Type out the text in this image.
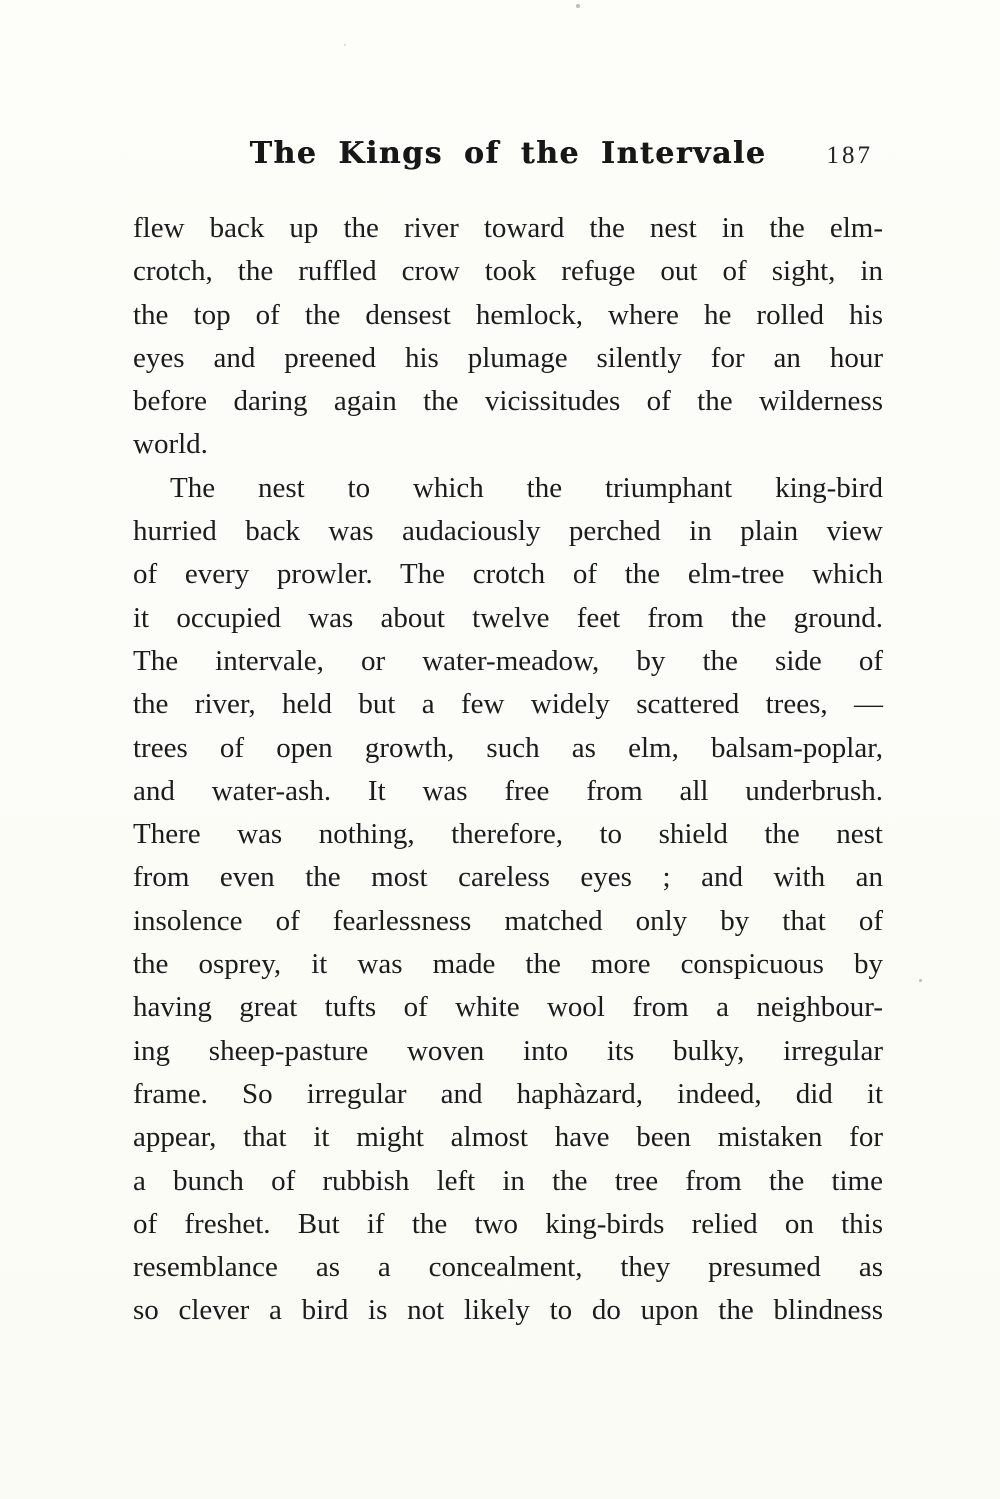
The Kings of the Intervale	187
flew back up the river toward the nest in the elm-
crotch, the ruffled crow took refuge out of sight, in
the top of the densest hemlock, where he rolled his
eyes and preened his plumage silently for an hour
before daring again the vicissitudes of the wilderness
world.
The nest to which the triumphant king-bird
hurried back was audaciously perched in plain view
of every prowler. The crotch of the elm-tree which
it occupied was about twelve feet from the ground.
The intervale, or water-meadow, by the side of
the river, held but a few widely scattered trees, —
trees of open growth, such as elm, balsam-poplar,
and water-ash. It was free from all underbrush.
There was nothing, therefore, to shield the nest
from even the most careless eyes ; and with an
insolence of fearlessness matched only by that of
the osprey, it was made the more conspicuous by
having great tufts of white wool from a neighbour-
ing sheep-pasture woven into its bulky, irregular
frame. So irregular and haphàzard, indeed, did it
appear, that it might almost have been mistaken for
a bunch of rubbish left in the tree from the time
of freshet. But if the two king-birds relied on this
resemblance as a concealment, they presumed as
so clever a bird is not likely to do upon the blindness
